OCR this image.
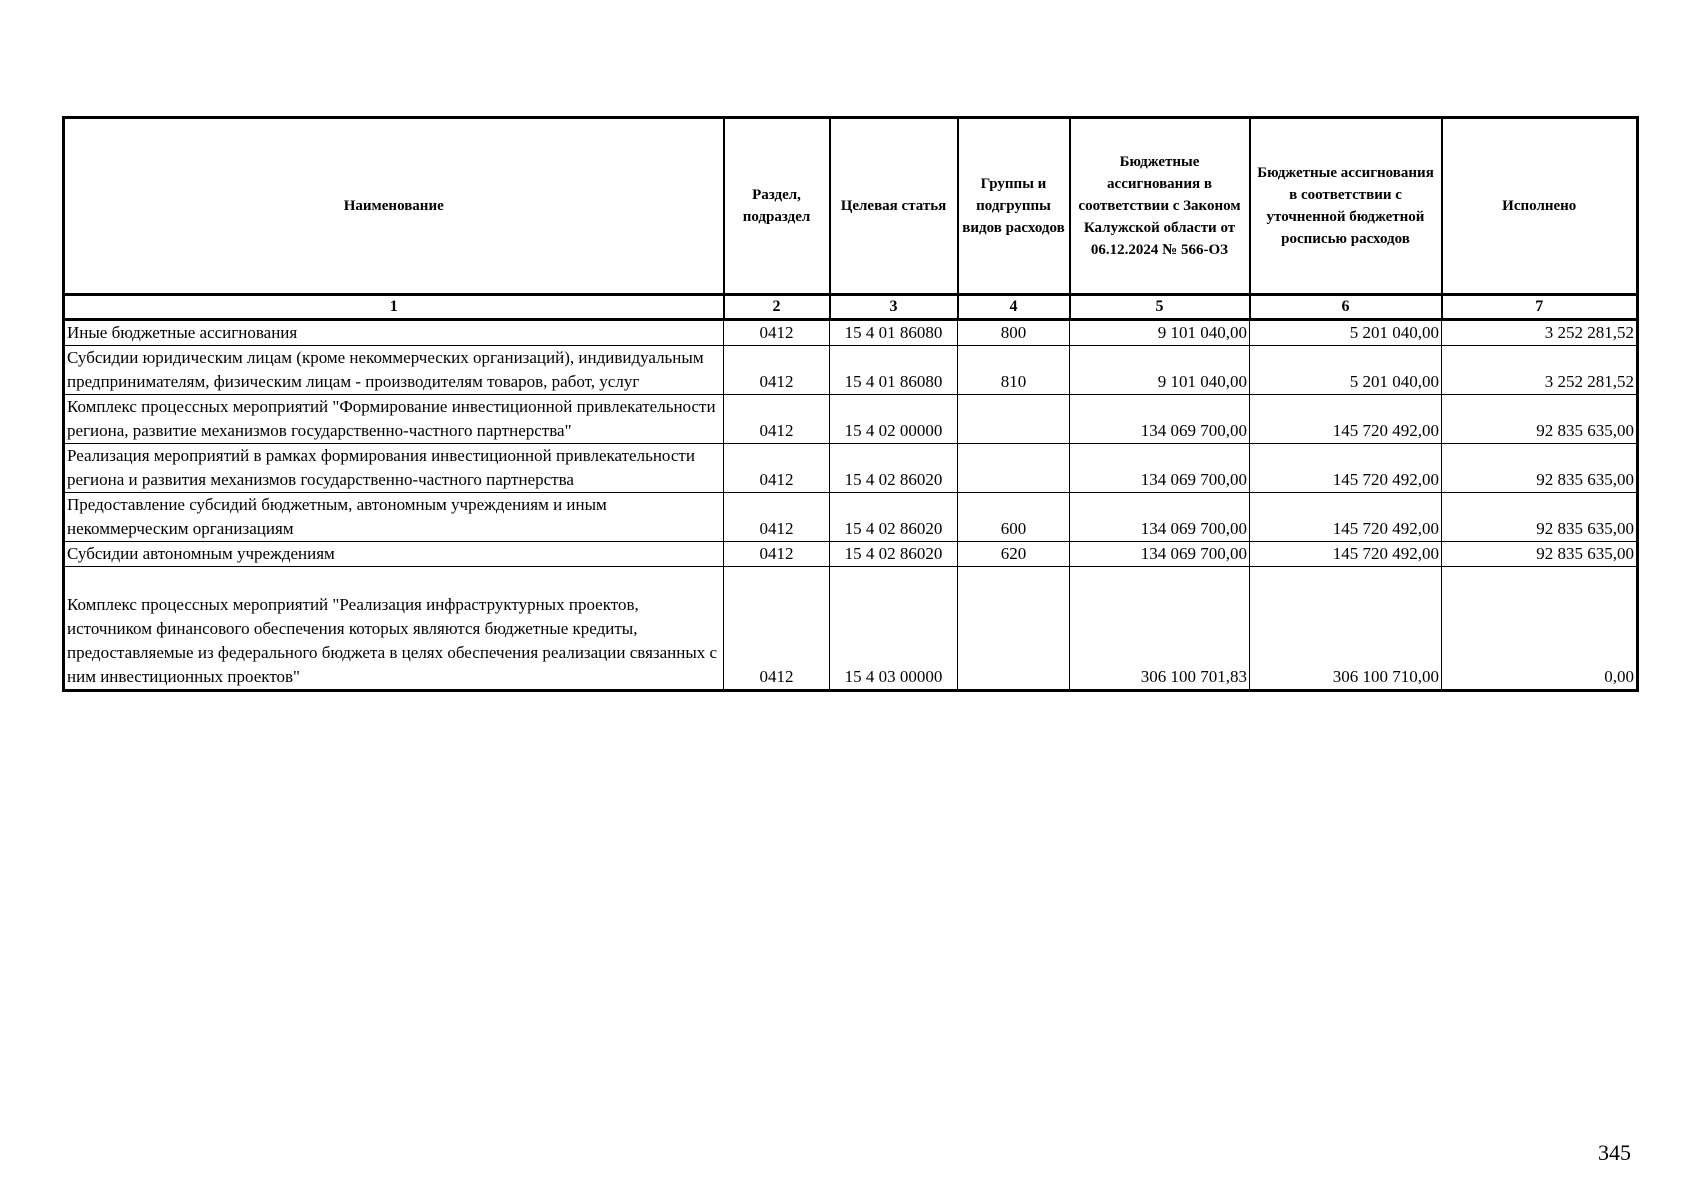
Наименование	Раздел, подраздел	Целевая статья	Группы и подгруппы видов расходов	Бюджетные ассигнования в соответствии с Законом Калужской области от 06.12.2024 № 566-ОЗ	Бюджетные ассигнования в соответствии с уточненной бюджетной росписью расходов	Исполнено
1	2	3	4	5	6	7
Иные бюджетные ассигнования	0412	15 4 01 86080	800	9 101 040,00	5 201 040,00	3 252 281,52
Субсидии юридическим лицам (кроме некоммерческих организаций), индивидуальным предпринимателям, физическим лицам - производителям товаров, работ, услуг	0412	15 4 01 86080	810	9 101 040,00	5 201 040,00	3 252 281,52
Комплекс процессных мероприятий "Формирование инвестиционной привлекательности региона, развитие механизмов государственно-частного партнерства"	0412	15 4 02 00000		134 069 700,00	145 720 492,00	92 835 635,00
Реализация мероприятий в рамках формирования инвестиционной привлекательности региона и развития механизмов государственно-частного партнерства	0412	15 4 02 86020		134 069 700,00	145 720 492,00	92 835 635,00
Предоставление субсидий бюджетным, автономным учреждениям и иным некоммерческим организациям	0412	15 4 02 86020	600	134 069 700,00	145 720 492,00	92 835 635,00
Субсидии автономным учреждениям	0412	15 4 02 86020	620	134 069 700,00	145 720 492,00	92 835 635,00
Комплекс процессных мероприятий "Реализация инфраструктурных проектов, источником финансового обеспечения которых являются бюджетные кредиты, предоставляемые из федерального бюджета в целях обеспечения реализации связанных с ним инвестиционных проектов"	0412	15 4 03 00000		306 100 701,83	306 100 710,00	0,00
345
